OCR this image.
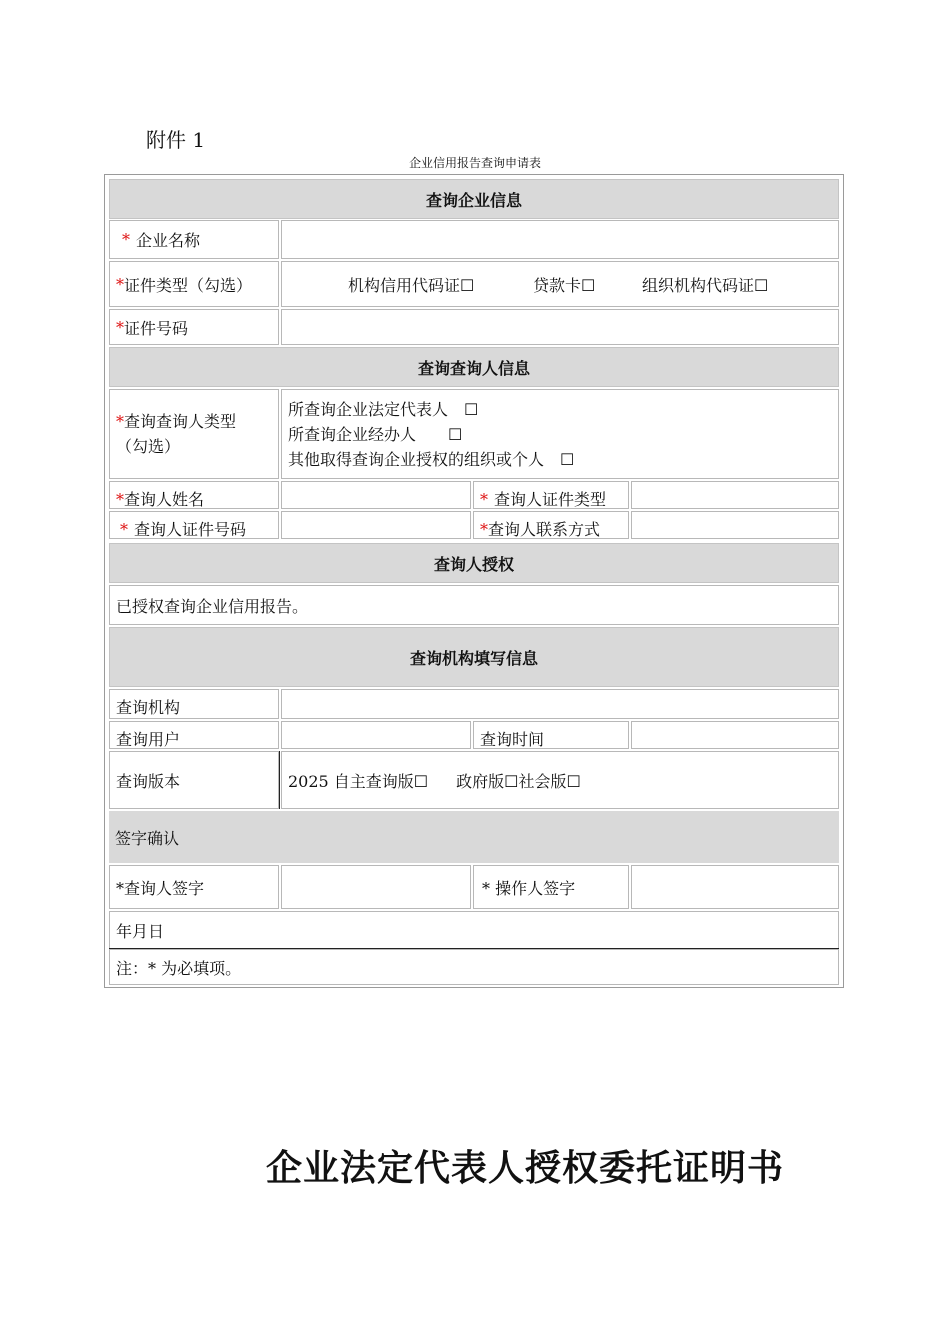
附件 1
企业信用报告查询申请表
查询企业信息
* 企业名称
* 证件类型（勾选）	机构信用代码证☐	贷款卡☐	组织机构代码证☐
* 证件号码
查询查询人信息
*查询查询人类型
（勾选）
所查询企业法定代表人　☐
所查询企业经办人　　☐
其他取得查询企业授权的组织或个人　☐
*查询人姓名	* 查询人证件类型
* 查询人证件号码	*查询人联系方式
查询人授权
已授权查询企业信用报告。
查询机构填写信息
查询机构
查询用户	查询时间
查询版本	2025 自主查询版☐ 政府版☐ 社会版☐
签字确认
*查询人签字	* 操作人签字
年月日
注：* 为必填项。
企业法定代表人授权委托证明书
